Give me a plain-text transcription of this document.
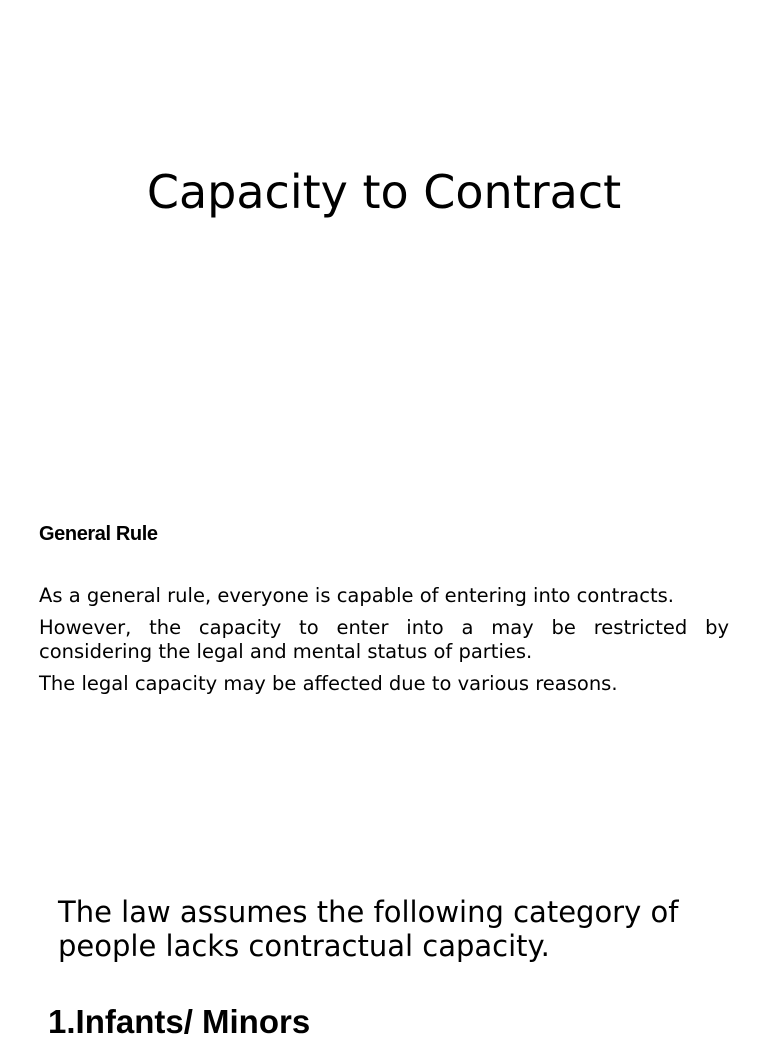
Capacity to Contract
General Rule

As a general rule, everyone is capable of entering into contracts.

However, the capacity to enter into a may be restricted by considering the legal and mental status of parties.

The legal capacity may be affected due to various reasons.

The law assumes the following category of people lacks contractual capacity.

1.Infants/ Minors
